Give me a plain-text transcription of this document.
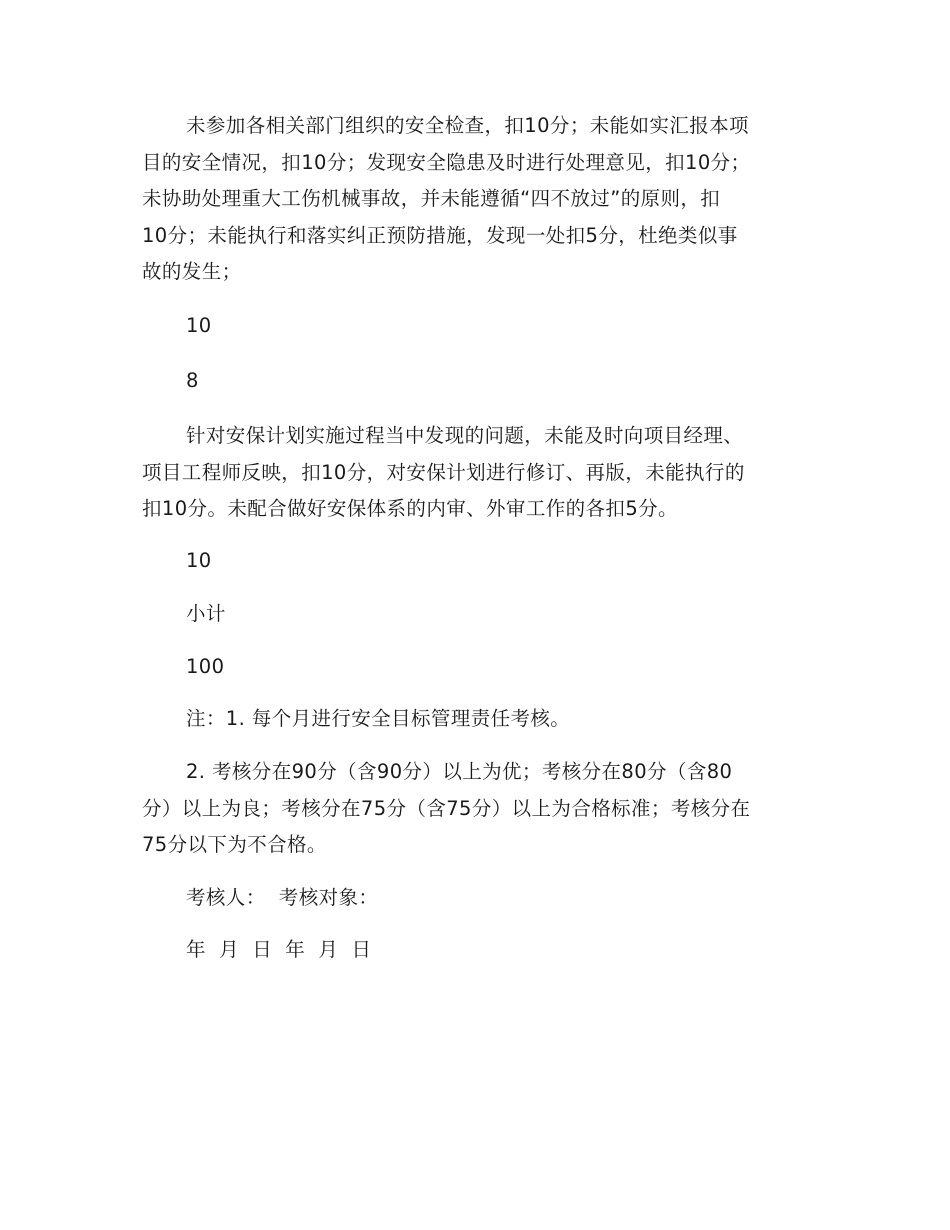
未参加各相关部门组织的安全检查，扣10分；未能如实汇报本项
目的安全情况，扣10分；发现安全隐患及时进行处理意见，扣10分；
未协助处理重大工伤机械事故，并未能遵循“四不放过”的原则，扣
10分；未能执行和落实纠正预防措施，发现一处扣5分，杜绝类似事
故的发生；

10

8

针对安保计划实施过程当中发现的问题，未能及时向项目经理、
项目工程师反映，扣10分，对安保计划进行修订、再版，未能执行的
扣10分。未配合做好安保体系的内审、外审工作的各扣5分。

10

小计

100

注：1. 每个月进行安全目标管理责任考核。

2. 考核分在90分（含90分）以上为优；考核分在80分（含80
分）以上为良；考核分在75分（含75分）以上为合格标准；考核分在
75分以下为不合格。

考核人：  考核对象：

年  月  日  年  月  日
